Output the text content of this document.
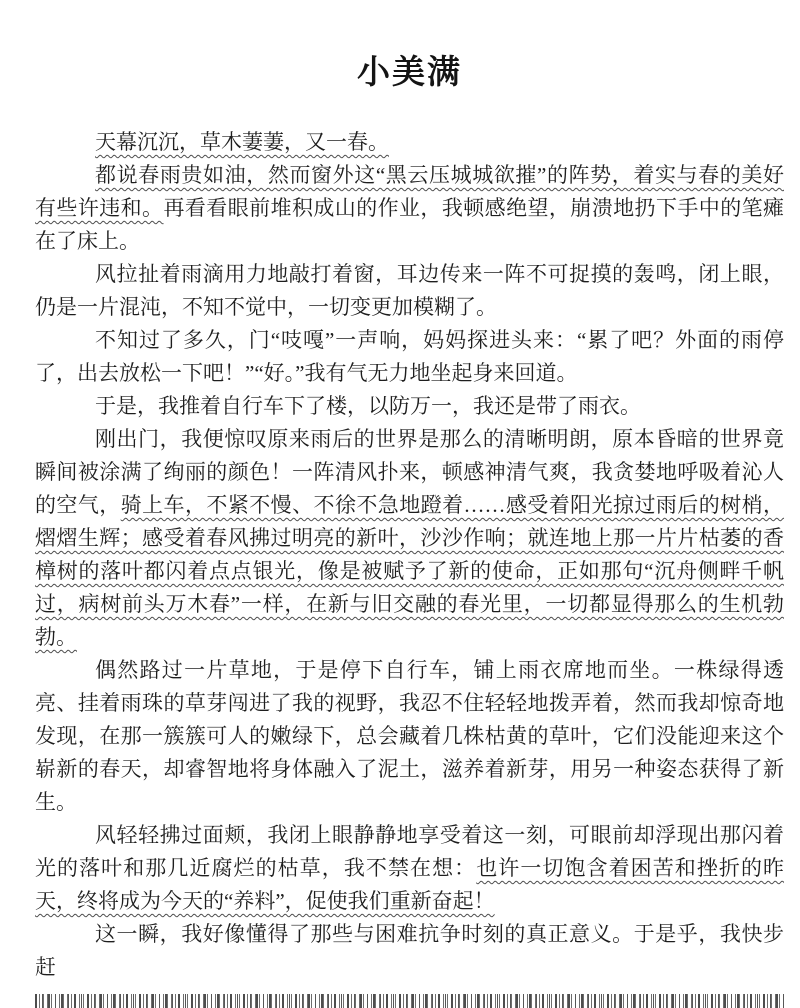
小美满

天幕沉沉，草木萋萋，又一春。

都说春雨贵如油，然而窗外这“黑云压城城欲摧”的阵势，着实与春的美好有些许违和。再看看眼前堆积成山的作业，我顿感绝望，崩溃地扔下手中的笔瘫在了床上。

风拉扯着雨滴用力地敲打着窗，耳边传来一阵不可捉摸的轰鸣，闭上眼，仍是一片混沌，不知不觉中，一切变更加模糊了。

不知过了多久，门“吱嘎”一声响，妈妈探进头来：“累了吧？外面的雨停了，出去放松一下吧！”“好。”我有气无力地坐起身来回道。

于是，我推着自行车下了楼，以防万一，我还是带了雨衣。

刚出门，我便惊叹原来雨后的世界是那么的清晰明朗，原本昏暗的世界竟瞬间被涂满了绚丽的颜色！一阵清风扑来，顿感神清气爽，我贪婪地呼吸着沁人的空气，骑上车，不紧不慢、不徐不急地蹬着……感受着阳光掠过雨后的树梢，熠熠生辉；感受着春风拂过明亮的新叶，沙沙作响；就连地上那一片片枯萎的香樟树的落叶都闪着点点银光，像是被赋予了新的使命，正如那句“沉舟侧畔千帆过，病树前头万木春”一样，在新与旧交融的春光里，一切都显得那么的生机勃勃。

偶然路过一片草地，于是停下自行车，铺上雨衣席地而坐。一株绿得透亮、挂着雨珠的草芽闯进了我的视野，我忍不住轻轻地拨弄着，然而我却惊奇地发现，在那一簇簇可人的嫩绿下，总会藏着几株枯黄的草叶，它们没能迎来这个崭新的春天，却睿智地将身体融入了泥土，滋养着新芽，用另一种姿态获得了新生。

风轻轻拂过面颊，我闭上眼静静地享受着这一刻，可眼前却浮现出那闪着光的落叶和那几近腐烂的枯草，我不禁在想：也许一切饱含着困苦和挫折的昨天，终将成为今天的“养料”，促使我们重新奋起！

这一瞬，我好像懂得了那些与困难抗争时刻的真正意义。于是乎，我快步赶
